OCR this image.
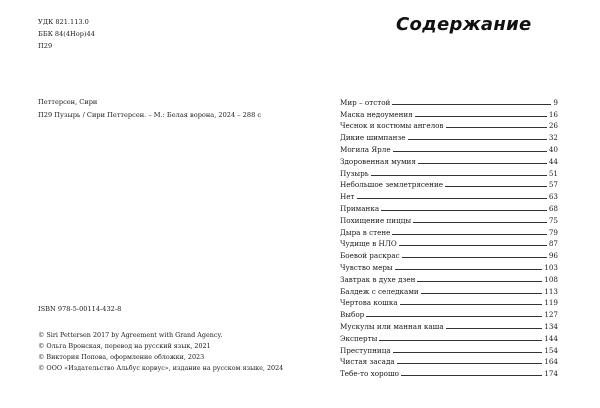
УДК 821.113.0
ББК 84(4Нор)44
П29
Петтерсен, Сири
П29 Пузырь / Сири Петтерсен. – М.: Белая ворона, 2024 – 288 с
ISBN 978-5-00114-432-8
© Siri Pettersen 2017 by Agreement with Grand Agency.
© Ольга Вронская, перевод на русский язык, 2021
© Виктория Попова, оформление обложки, 2023
© ООО «Издательство Альбус корвус», издание на русском языке, 2024
Содержание
Мир – отстой	9
Маска недоумения	16
Чеснок и костюмы ангелов	26
Дикие шимпанзе	32
Могила Ярле	40
Здоровенная мумия	44
Пузырь	51
Небольшое землетрясение	57
Нет	63
Приманка	68
Похищение пиццы	75
Дыра в стене	79
Чудище в НЛО	87
Боевой раскрас	96
Чувство меры	103
Завтрак в духе дзен	108
Балдеж с селедками	113
Чертова кошка	119
Выбор	127
Мускулы или манная каша	134
Эксперты	144
Преступница	154
Чистая засада	164
Тебе-то хорошо	174
